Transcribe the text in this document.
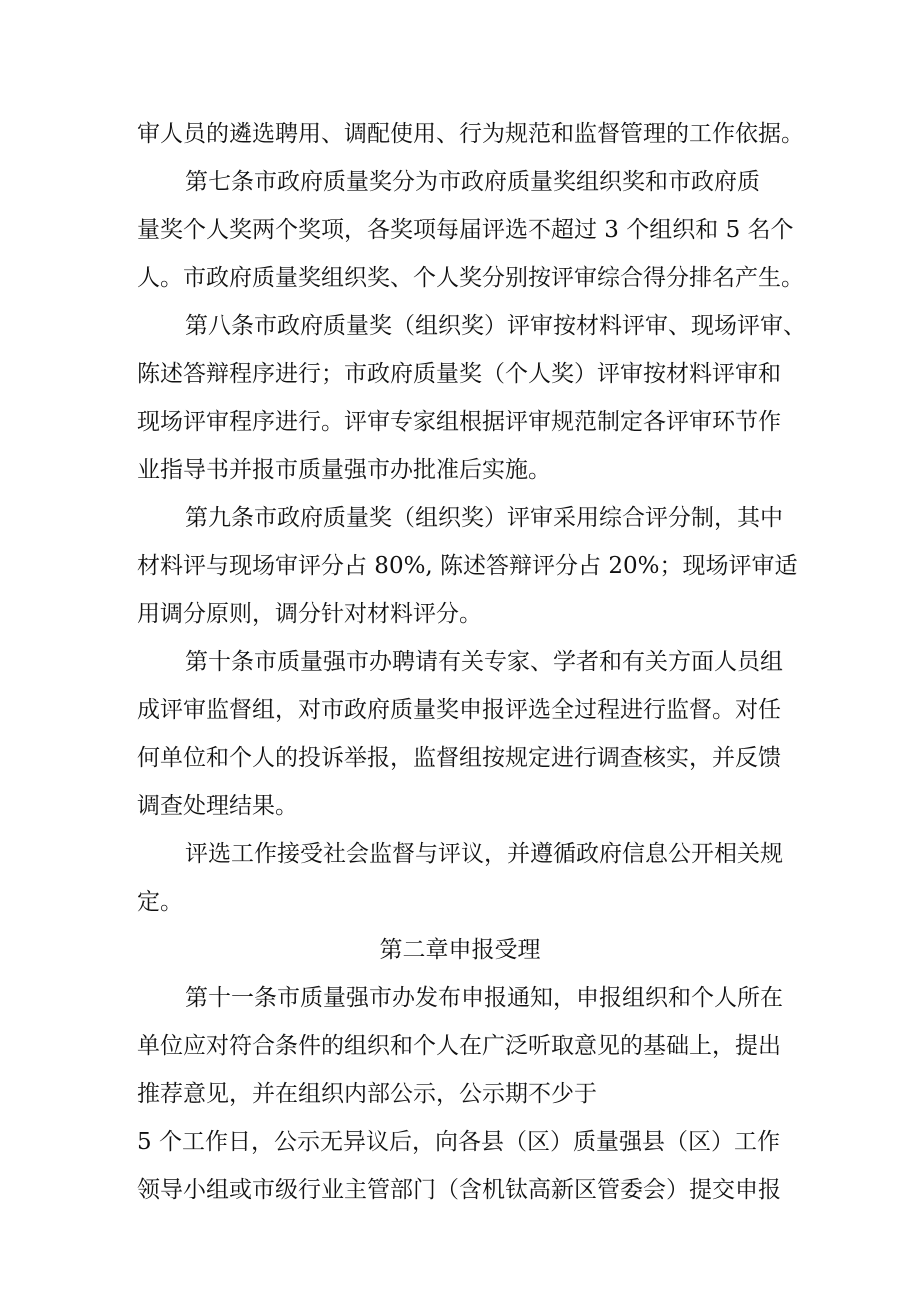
审人员的遴选聘用、调配使用、行为规范和监督管理的工作依据。

第七条市政府质量奖分为市政府质量奖组织奖和市政府质

量奖个人奖两个奖项，各奖项每届评选不超过 3 个组织和 5 名个

人。市政府质量奖组织奖、个人奖分别按评审综合得分排名产生。

第八条市政府质量奖（组织奖）评审按材料评审、现场评审、

陈述答辩程序进行；市政府质量奖（个人奖）评审按材料评审和

现场评审程序进行。评审专家组根据评审规范制定各评审环节作

业指导书并报市质量强市办批准后实施。

第九条市政府质量奖（组织奖）评审采用综合评分制，其中

材料评与现场审评分占 80%, 陈述答辩评分占 20%；现场评审适

用调分原则，调分针对材料评分。

第十条市质量强市办聘请有关专家、学者和有关方面人员组

成评审监督组，对市政府质量奖申报评选全过程进行监督。对任

何单位和个人的投诉举报，监督组按规定进行调查核实，并反馈

调查处理结果。

评选工作接受社会监督与评议，并遵循政府信息公开相关规

定。

第二章申报受理

第十一条市质量强市办发布申报通知，申报组织和个人所在

单位应对符合条件的组织和个人在广泛听取意见的基础上，提出

推荐意见，并在组织内部公示，公示期不少于

5 个工作日，公示无异议后，向各县（区）质量强县（区）工作

领导小组或市级行业主管部门（含机钛高新区管委会）提交申报
